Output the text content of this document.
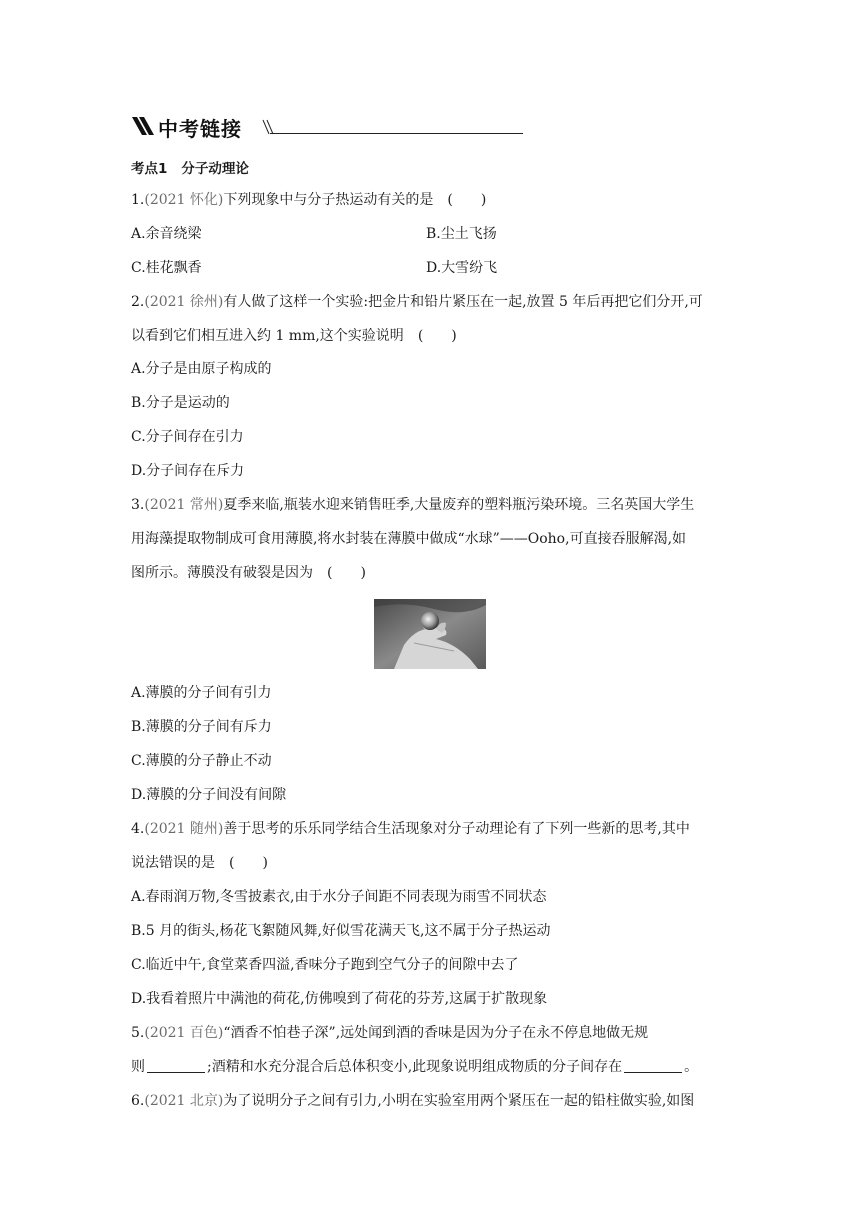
中考链接
考点1 分子动理论
1.(2021 怀化)下列现象中与分子热运动有关的是 (　　)
A.余音绕梁	B.尘土飞扬
C.桂花飘香	D.大雪纷飞
2.(2021 徐州)有人做了这样一个实验:把金片和铅片紧压在一起,放置 5 年后再把它们分开,可
以看到它们相互进入约 1 mm,这个实验说明 (　　)
A.分子是由原子构成的
B.分子是运动的
C.分子间存在引力
D.分子间存在斥力
3.(2021 常州)夏季来临,瓶装水迎来销售旺季,大量废弃的塑料瓶污染环境。三名英国大学生
用海藻提取物制成可食用薄膜,将水封装在薄膜中做成“水球”——Ooho,可直接吞服解渴,如
图所示。薄膜没有破裂是因为 (　　)
A.薄膜的分子间有引力
B.薄膜的分子间有斥力
C.薄膜的分子静止不动
D.薄膜的分子间没有间隙
4.(2021 随州)善于思考的乐乐同学结合生活现象对分子动理论有了下列一些新的思考,其中
说法错误的是 (　　)
A.春雨润万物,冬雪披素衣,由于水分子间距不同表现为雨雪不同状态
B.5 月的街头,杨花飞絮随风舞,好似雪花满天飞,这不属于分子热运动
C.临近中午,食堂菜香四溢,香味分子跑到空气分子的间隙中去了
D.我看着照片中满池的荷花,仿佛嗅到了荷花的芬芳,这属于扩散现象
5.(2021 百色)“酒香不怕巷子深”,远处闻到酒的香味是因为分子在永不停息地做无规
则	;酒精和水充分混合后总体积变小,此现象说明组成物质的分子间存在	。
6.(2021 北京)为了说明分子之间有引力,小明在实验室用两个紧压在一起的铅柱做实验,如图
